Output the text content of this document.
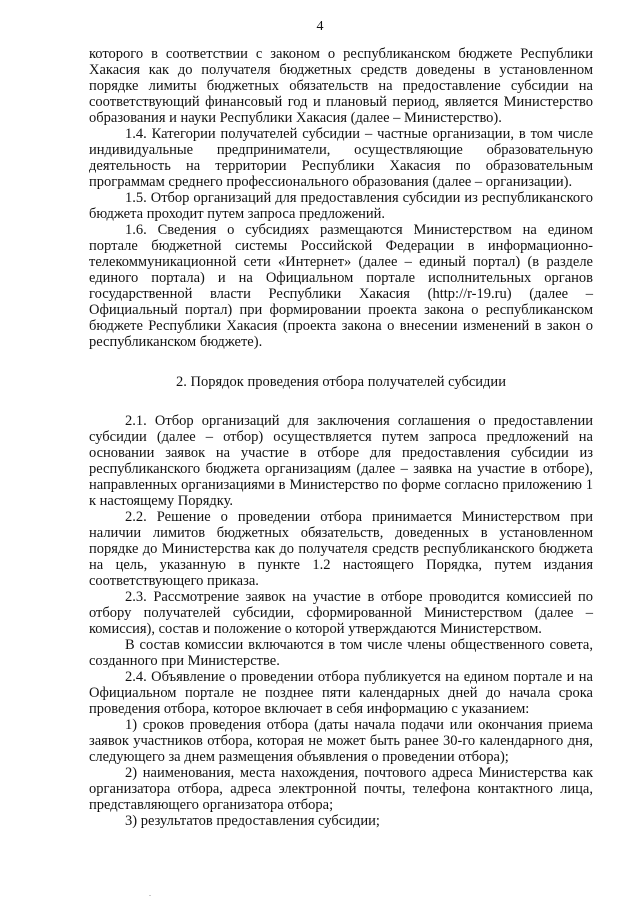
4

которого в соответствии с законом о республиканском бюджете Республики Хакасия как до получателя бюджетных средств доведены в установленном порядке лимиты бюджетных обязательств на предоставление субсидии на соответствующий финансовый год и плановый период, является Министерство образования и науки Республики Хакасия (далее – Министерство).

1.4. Категории получателей субсидии – частные организации, в том числе индивидуальные предприниматели, осуществляющие образовательную деятельность на территории Республики Хакасия по образовательным программам среднего профессионального образования (далее – организации).

1.5. Отбор организаций для предоставления субсидии из республиканского бюджета проходит путем запроса предложений.

1.6. Сведения о субсидиях размещаются Министерством на едином портале бюджетной системы Российской Федерации в информационно-телекоммуникационной сети «Интернет» (далее – единый портал) (в разделе единого портала) и на Официальном портале исполнительных органов государственной власти Республики Хакасия (http://r-19.ru) (далее – Официальный портал) при формировании проекта закона о республиканском бюджете Республики Хакасия (проекта закона о внесении изменений в закон о республиканском бюджете).

2. Порядок проведения отбора получателей субсидии

2.1. Отбор организаций для заключения соглашения о предоставлении субсидии (далее – отбор) осуществляется путем запроса предложений на основании заявок на участие в отборе для предоставления субсидии из республиканского бюджета организациям (далее – заявка на участие в отборе), направленных организациями в Министерство по форме согласно приложению 1 к настоящему Порядку.

2.2. Решение о проведении отбора принимается Министерством при наличии лимитов бюджетных обязательств, доведенных в установленном порядке до Министерства как до получателя средств республиканского бюджета на цель, указанную в пункте 1.2 настоящего Порядка, путем издания соответствующего приказа.

2.3. Рассмотрение заявок на участие в отборе проводится комиссией по отбору получателей субсидии, сформированной Министерством (далее – комиссия), состав и положение о которой утверждаются Министерством.

В состав комиссии включаются в том числе члены общественного совета, созданного при Министерстве.

2.4. Объявление о проведении отбора публикуется на едином портале и на Официальном портале не позднее пяти календарных дней до начала срока проведения отбора, которое включает в себя информацию с указанием:

1) сроков проведения отбора (даты начала подачи или окончания приема заявок участников отбора, которая не может быть ранее 30-го календарного дня, следующего за днем размещения объявления о проведении отбора);

2) наименования, места нахождения, почтового адреса Министерства как организатора отбора, адреса электронной почты, телефона контактного лица, представляющего организатора отбора;

3) результатов предоставления субсидии;

.
